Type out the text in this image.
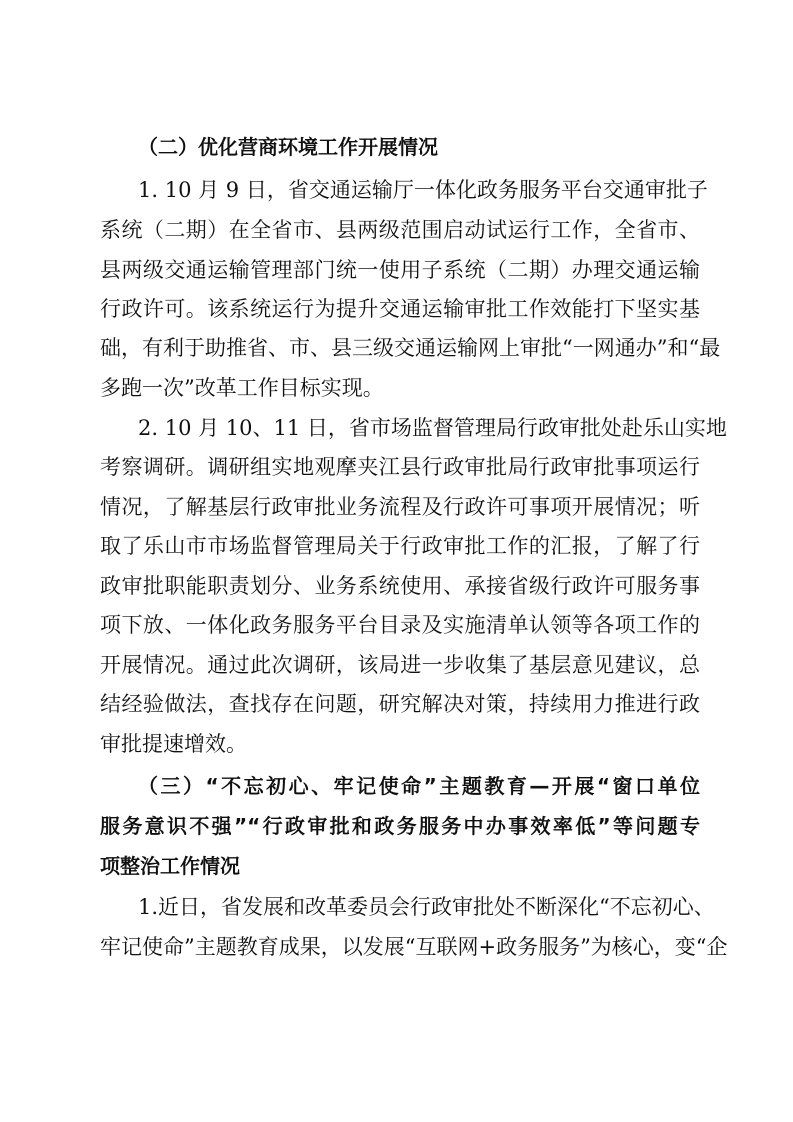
（二）优化营商环境工作开展情况

1. 10 月 9 日，省交通运输厅一体化政务服务平台交通审批子

系统（二期）在全省市、县两级范围启动试运行工作，全省市、

县两级交通运输管理部门统一使用子系统（二期）办理交通运输

行政许可。该系统运行为提升交通运输审批工作效能打下坚实基

础，有利于助推省、市、县三级交通运输网上审批“一网通办”和“最

多跑一次”改革工作目标实现。

2. 10 月 10、11 日，省市场监督管理局行政审批处赴乐山实地

考察调研。调研组实地观摩夹江县行政审批局行政审批事项运行

情况，了解基层行政审批业务流程及行政许可事项开展情况；听

取了乐山市市场监督管理局关于行政审批工作的汇报，了解了行

政审批职能职责划分、业务系统使用、承接省级行政许可服务事

项下放、一体化政务服务平台目录及实施清单认领等各项工作的

开展情况。通过此次调研，该局进一步收集了基层意见建议，总

结经验做法，查找存在问题，研究解决对策，持续用力推进行政

审批提速增效。

（三）“不忘初心、牢记使命”主题教育—开展“窗口单位

服务意识不强”“行政审批和政务服务中办事效率低”等问题专

项整治工作情况

1.近日，省发展和改革委员会行政审批处不断深化“不忘初心、

牢记使命”主题教育成果，以发展“互联网+政务服务”为核心，变“企
